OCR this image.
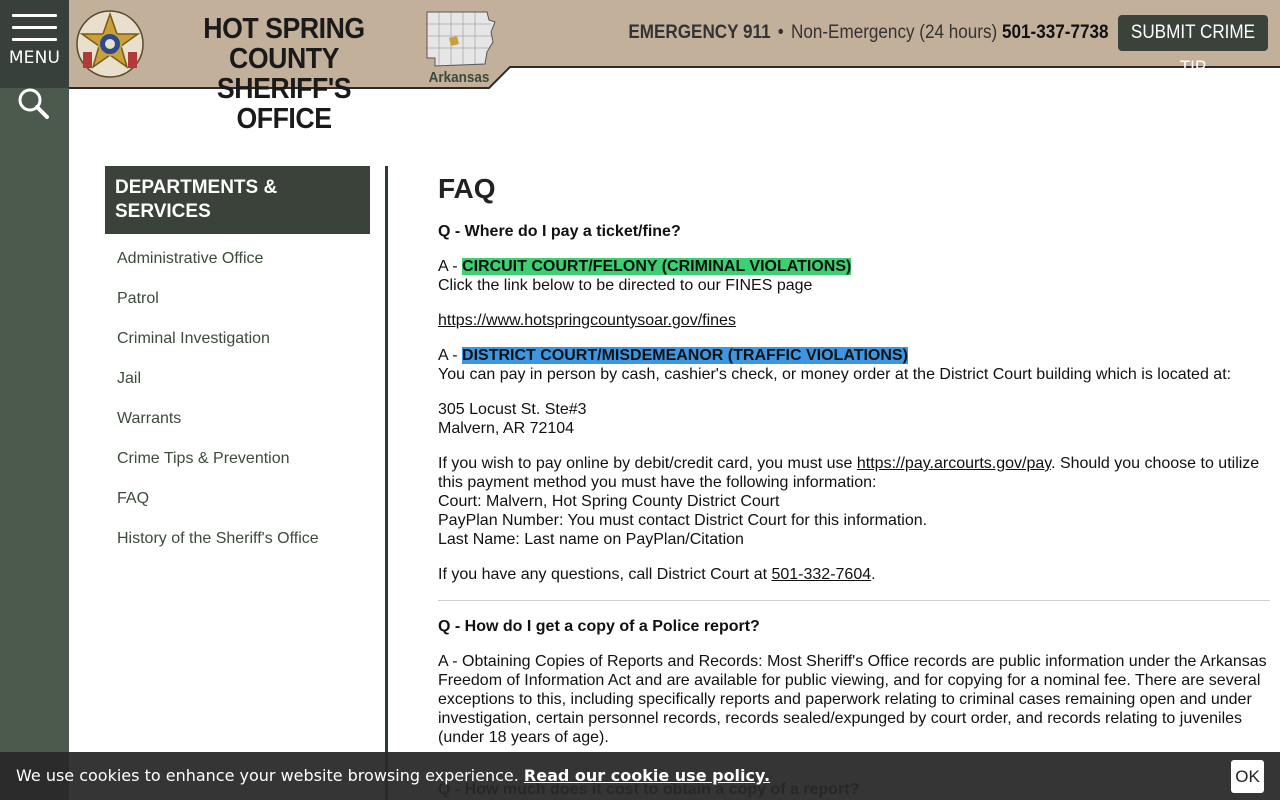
MENU
HOT SPRING COUNTY
SHERIFF'S OFFICE
Arkansas
EMERGENCY 911 • Non-Emergency (24 hours) 501-337-7738	SUBMIT CRIME TIP
DEPARTMENTS & SERVICES
Administrative Office
Patrol
Criminal Investigation
Jail
Warrants
Crime Tips & Prevention
FAQ
History of the Sheriff's Office
FAQ
Q - Where do I pay a ticket/fine?

A - CIRCUIT COURT/FELONY (CRIMINAL VIOLATIONS)
Click the link below to be directed to our FINES page

https://www.hotspringcountysoar.gov/fines

A - DISTRICT COURT/MISDEMEANOR (TRAFFIC VIOLATIONS)
You can pay in person by cash, cashier's check, or money order at the District Court building which is located at:

305 Locust St. Ste#3
Malvern, AR 72104

If you wish to pay online by debit/credit card, you must use https://pay.arcourts.gov/pay. Should you choose to utilize this payment method you must have the following information:
Court: Malvern, Hot Spring County District Court
PayPlan Number: You must contact District Court for this information.
Last Name: Last name on PayPlan/Citation

If you have any questions, call District Court at 501-332-7604.

Q - How do I get a copy of a Police report?

A - Obtaining Copies of Reports and Records: Most Sheriff's Office records are public information under the Arkansas Freedom of Information Act and are available for public viewing, and for copying for a nominal fee. There are several exceptions to this, including specifically reports and paperwork relating to criminal cases remaining open and under investigation, certain personnel records, records sealed/expunged by court order, and records relating to juveniles (under 18 years of age).

We use cookies to enhance your website browsing experience. Read our cookie use policy.	OK
